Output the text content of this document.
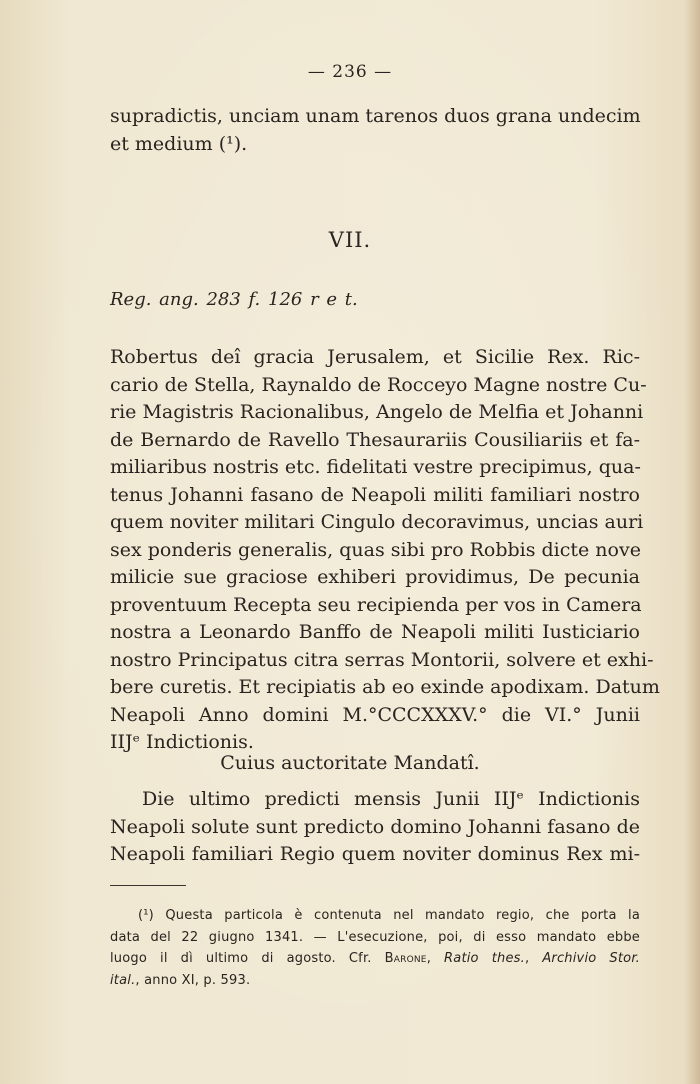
— 236 —
supradictis, unciam unam tarenos duos grana undecim
et medium (¹).
VII.
Reg. ang. 283 f. 126 r e t.
Robertus deî gracia Jerusalem, et Sicilie Rex. Ric-
cario de Stella, Raynaldo de Rocceyo Magne nostre Cu-
rie Magistris Racionalibus, Angelo de Melfia et Johanni
de Bernardo de Ravello Thesaurariis Cousiliariis et fa-
miliaribus nostris etc. fidelitati vestre precipimus, qua-
tenus Johanni fasano de Neapoli militi familiari nostro
quem noviter militari Cingulo decoravimus, uncias auri
sex ponderis generalis, quas sibi pro Robbis dicte nove
milicie sue graciose exhiberi providimus, De pecunia
proventuum Recepta seu recipienda per vos in Camera
nostra a Leonardo Banffo de Neapoli militi Iusticiario
nostro Principatus citra serras Montorii, solvere et exhi-
bere curetis. Et recipiatis ab eo exinde apodixam. Datum
Neapoli Anno domini M.°CCCXXXV.° die VI.° Junii
IIJᵉ Indictionis.
Cuius auctoritate Mandatî.
Die ultimo predicti mensis Junii IIJᵉ Indictionis
Neapoli solute sunt predicto domino Johanni fasano de
Neapoli familiari Regio quem noviter dominus Rex mi-
(¹) Questa particola è contenuta nel mandato regio, che porta la
data del 22 giugno 1341. — L'esecuzione, poi, di esso mandato ebbe
luogo il dì ultimo di agosto. Cfr. Barone, Ratio thes., Archivio Stor.
ital., anno XI, p. 593.
